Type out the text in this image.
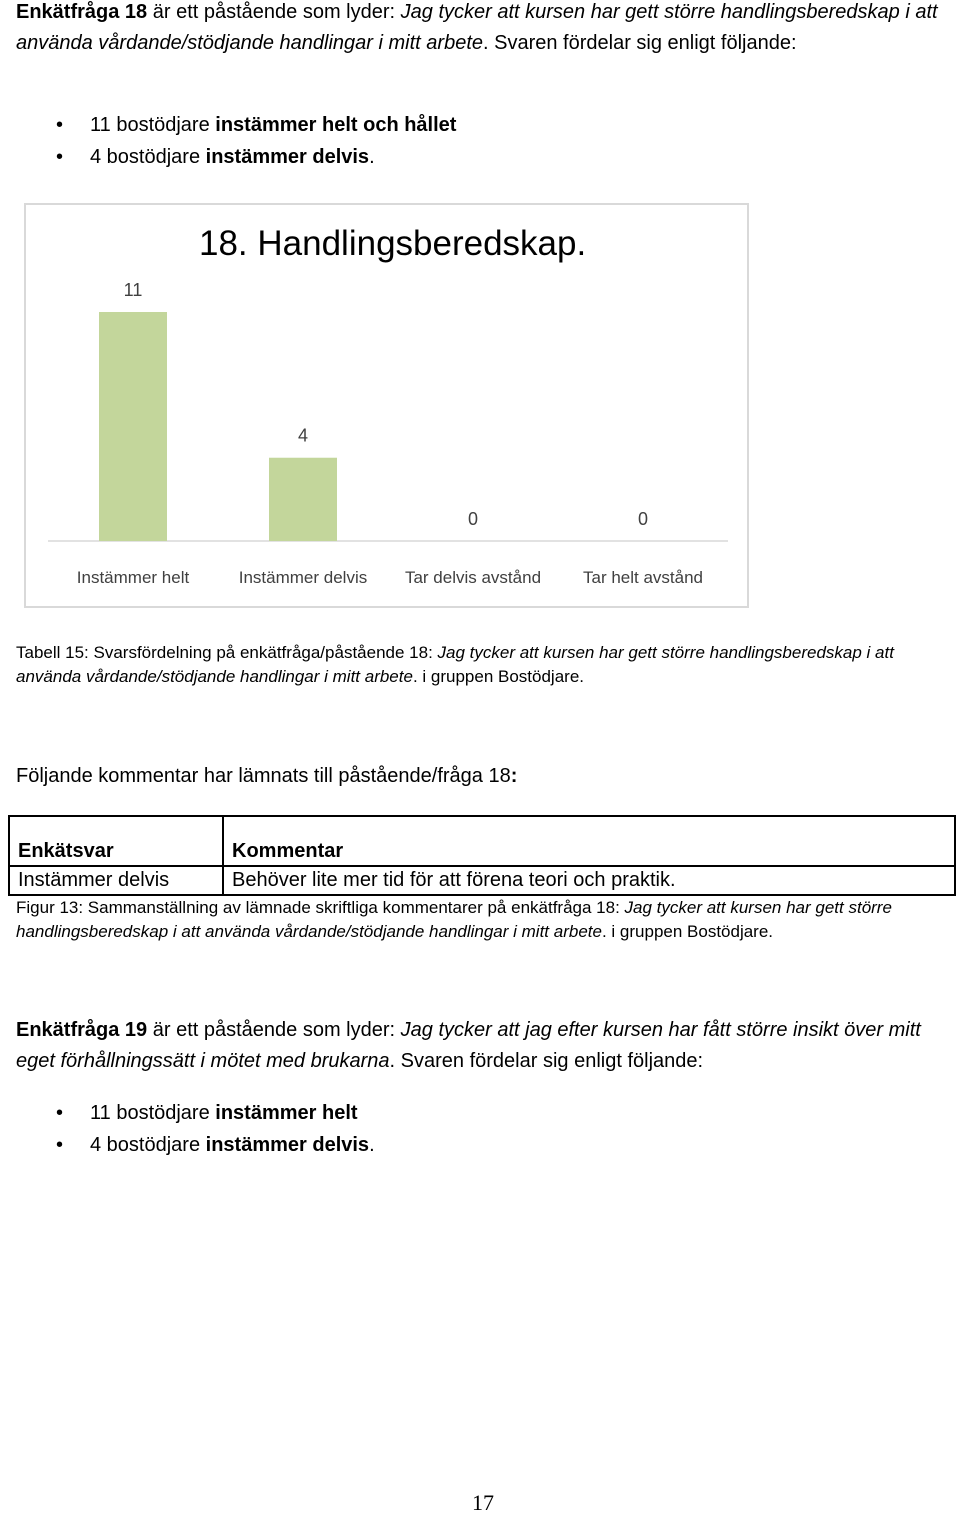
Enkätfråga 18 är ett påstående som lyder: Jag tycker att kursen har gett större handlingsberedskap i att använda vårdande/stödjande handlingar i mitt arbete. Svaren fördelar sig enligt följande:

• 11 bostödjare instämmer helt och hållet
• 4 bostödjare instämmer delvis.
11
Instämmer helt
4
Instämmer delvis
0
Tar delvis avstånd
0
Tar helt avstånd
18. Handlingsberedskap.

Tabell 15: Svarsfördelning på enkätfråga/påstående 18: Jag tycker att kursen har gett större handlingsberedskap i att använda vårdande/stödjande handlingar i mitt arbete. i gruppen Bostödjare.

Följande kommentar har lämnats till påstående/fråga 18:

Enkätsvar	Kommentar
Instämmer delvis	Behöver lite mer tid för att förena teori och praktik.

Figur 13: Sammanställning av lämnade skriftliga kommentarer på enkätfråga 18: Jag tycker att kursen har gett större handlingsberedskap i att använda vårdande/stödjande handlingar i mitt arbete. i gruppen Bostödjare.

Enkätfråga 19 är ett påstående som lyder: Jag tycker att jag efter kursen har fått större insikt över mitt eget förhållningssätt i mötet med brukarna. Svaren fördelar sig enligt följande:

• 11 bostödjare instämmer helt
• 4 bostödjare instämmer delvis.
17
